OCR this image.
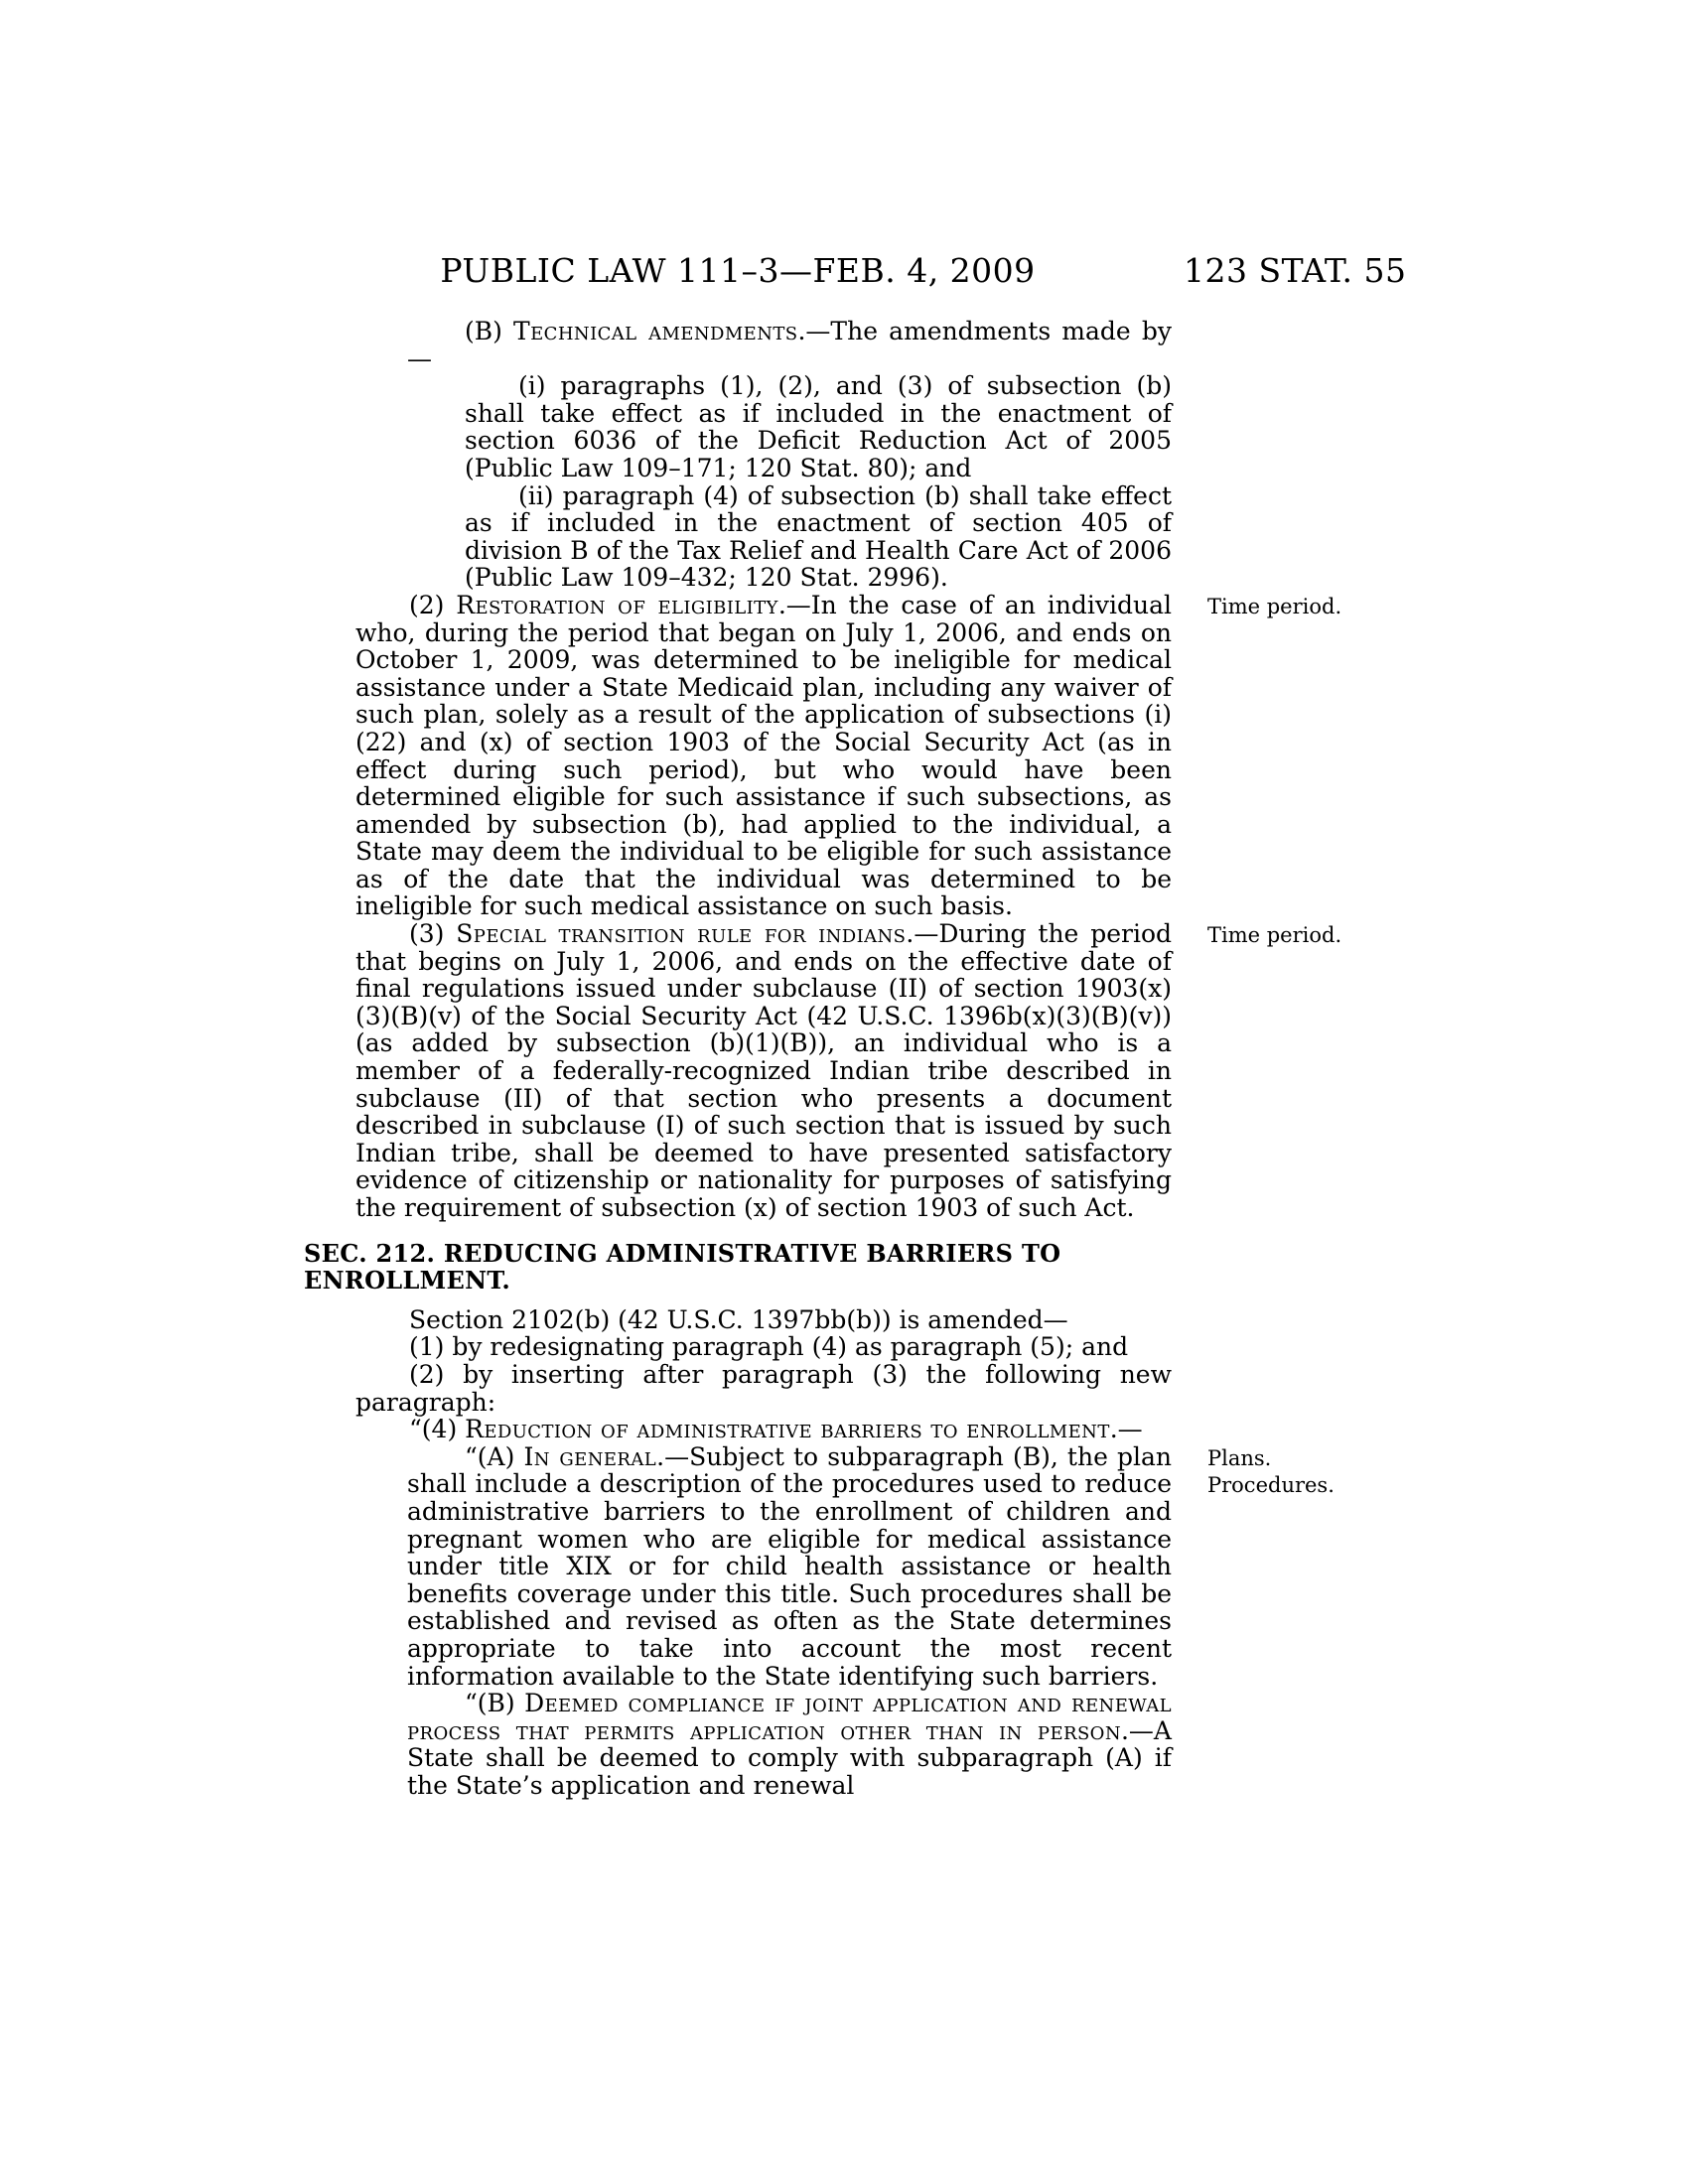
PUBLIC LAW 111–3—FEB. 4, 2009	123 STAT. 55

(B) Technical amendments.—The amendments made by—

(i) paragraphs (1), (2), and (3) of subsection (b) shall take effect as if included in the enactment of section 6036 of the Deficit Reduction Act of 2005 (Public Law 109–171; 120 Stat. 80); and

(ii) paragraph (4) of subsection (b) shall take effect as if included in the enactment of section 405 of division B of the Tax Relief and Health Care Act of 2006 (Public Law 109–432; 120 Stat. 2996).

(2) Restoration of eligibility.—In the case of an individual who, during the period that began on July 1, 2006, and ends on October 1, 2009, was determined to be ineligible for medical assistance under a State Medicaid plan, including any waiver of such plan, solely as a result of the application of subsections (i)(22) and (x) of section 1903 of the Social Security Act (as in effect during such period), but who would have been determined eligible for such assistance if such subsections, as amended by subsection (b), had applied to the individual, a State may deem the individual to be eligible for such assistance as of the date that the individual was determined to be ineligible for such medical assistance on such basis.
Time period.

(3) Special transition rule for indians.—During the period that begins on July 1, 2006, and ends on the effective date of final regulations issued under subclause (II) of section 1903(x)(3)(B)(v) of the Social Security Act (42 U.S.C. 1396b(x)(3)(B)(v)) (as added by subsection (b)(1)(B)), an individual who is a member of a federally-recognized Indian tribe described in subclause (II) of that section who presents a document described in subclause (I) of such section that is issued by such Indian tribe, shall be deemed to have presented satisfactory evidence of citizenship or nationality for purposes of satisfying the requirement of subsection (x) of section 1903 of such Act.
Time period.

SEC. 212. REDUCING ADMINISTRATIVE BARRIERS TO ENROLLMENT.

Section 2102(b) (42 U.S.C. 1397bb(b)) is amended—

(1) by redesignating paragraph (4) as paragraph (5); and

(2) by inserting after paragraph (3) the following new paragraph:

“(4) Reduction of administrative barriers to enrollment.—

“(A) In general.—Subject to subparagraph (B), the plan shall include a description of the procedures used to reduce administrative barriers to the enrollment of children and pregnant women who are eligible for medical assistance under title XIX or for child health assistance or health benefits coverage under this title. Such procedures shall be established and revised as often as the State determines appropriate to take into account the most recent information available to the State identifying such barriers.
Plans.
Procedures.

“(B) Deemed compliance if joint application and renewal process that permits application other than in person.—A State shall be deemed to comply with subparagraph (A) if the State’s application and renewal
